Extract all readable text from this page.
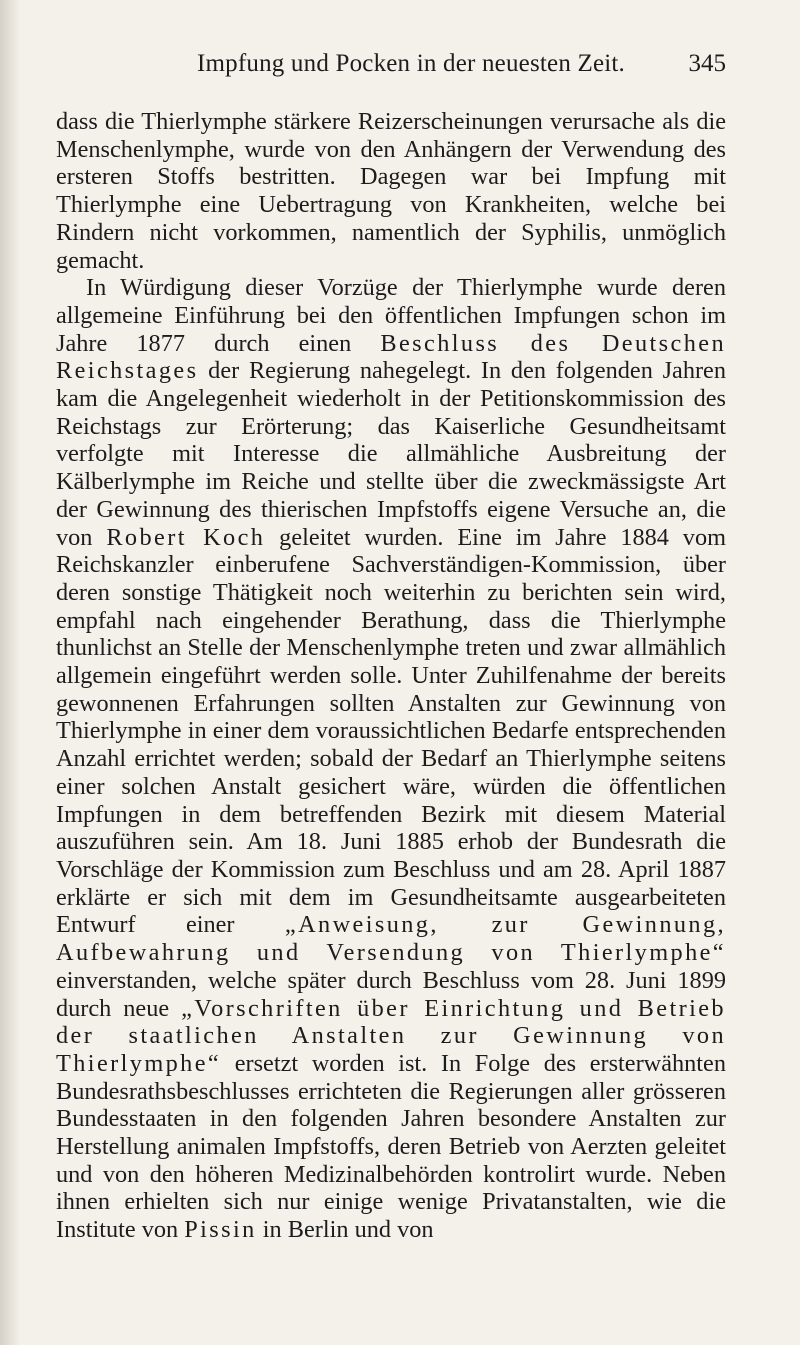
Impfung und Pocken in der neuesten Zeit.	345

dass die Thierlymphe stärkere Reizerscheinungen verursache als die Menschenlymphe, wurde von den Anhängern der Verwendung des ersteren Stoffs bestritten. Dagegen war bei Impfung mit Thierlymphe eine Uebertragung von Krankheiten, welche bei Rindern nicht vorkommen, namentlich der Syphilis, unmöglich gemacht.

In Würdigung dieser Vorzüge der Thierlymphe wurde deren allgemeine Einführung bei den öffentlichen Impfungen schon im Jahre 1877 durch einen Beschluss des Deutschen Reichstages der Regierung nahegelegt. In den folgenden Jahren kam die Angelegenheit wiederholt in der Petitionskommission des Reichstags zur Erörterung; das Kaiserliche Gesundheitsamt verfolgte mit Interesse die allmähliche Ausbreitung der Kälberlymphe im Reiche und stellte über die zweckmässigste Art der Gewinnung des thierischen Impfstoffs eigene Versuche an, die von Robert Koch geleitet wurden. Eine im Jahre 1884 vom Reichskanzler einberufene Sachverständigen-Kommission, über deren sonstige Thätigkeit noch weiterhin zu berichten sein wird, empfahl nach eingehender Berathung, dass die Thierlymphe thunlichst an Stelle der Menschenlymphe treten und zwar allmählich allgemein eingeführt werden solle. Unter Zuhilfenahme der bereits gewonnenen Erfahrungen sollten Anstalten zur Gewinnung von Thierlymphe in einer dem voraussichtlichen Bedarfe entsprechenden Anzahl errichtet werden; sobald der Bedarf an Thierlymphe seitens einer solchen Anstalt gesichert wäre, würden die öffentlichen Impfungen in dem betreffenden Bezirk mit diesem Material auszuführen sein. Am 18. Juni 1885 erhob der Bundesrath die Vorschläge der Kommission zum Beschluss und am 28. April 1887 erklärte er sich mit dem im Gesundheitsamte ausgearbeiteten Entwurf einer „Anweisung, zur Gewinnung, Aufbewahrung und Versendung von Thierlymphe“ einverstanden, welche später durch Beschluss vom 28. Juni 1899 durch neue „Vorschriften über Einrichtung und Betrieb der staatlichen Anstalten zur Gewinnung von Thierlymphe“ ersetzt worden ist. In Folge des ersterwähnten Bundesrathsbeschlusses errichteten die Regierungen aller grösseren Bundesstaaten in den folgenden Jahren besondere Anstalten zur Herstellung animalen Impfstoffs, deren Betrieb von Aerzten geleitet und von den höheren Medizinalbehörden kontrolirt wurde. Neben ihnen erhielten sich nur einige wenige Privatanstalten, wie die Institute von Pissin in Berlin und von
